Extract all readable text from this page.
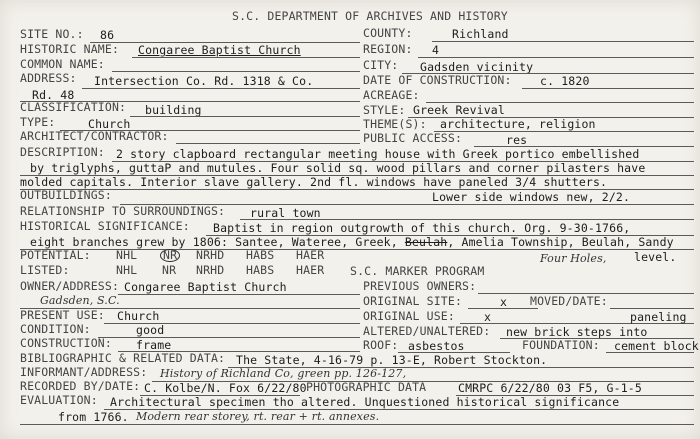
S.C. DEPARTMENT OF ARCHIVES AND HISTORY
COUNTY:	Richland
REGION: 4
CITY: Gadsden vicinity
DATE OF CONSTRUCTION: c. 1820
ACREAGE:
STYLE: Greek Revival
THEME(S): architecture, religion
PUBLIC ACCESS:	res
SITE NO.: 86
HISTORIC NAME: Congaree Baptist Church
COMMON NAME:
ADDRESS: Intersection Co. Rd. 1318 & Co.
Rd. 48
CLASSIFICATION: building
TYPE:	Church
ARCHITECT/CONTRACTOR:
DESCRIPTION: 2 story clapboard rectangular meeting house with Greek portico embellished
by triglyphs, guttaP and mutules. Four solid sq. wood pillars and corner pilasters have
molded capitals. Interior slave gallery. 2nd fl. windows have paneled 3/4 shutters.
OUTBUILDINGS:	Lower side windows new, 2/2.
RELATIONSHIP TO SURROUNDINGS: rural town
HISTORICAL SIGNIFICANCE: Baptist in region outgrowth of this church. Org. 9-30-1766,
eight branches grew by 1806: Santee, Wateree, Greek, Beulah, Amelia Township, Beulah, Sandy
POTENTIAL: NHL NR NRHD HABS HAER	Four Holes, level.
LISTED:	NHL NR NRHD HABS HAER S.C. MARKER PROGRAM
OWNER/ADDRESS: Congaree Baptist Church
Gadsden, S.C.
PREVIOUS OWNERS:
ORIGINAL SITE:	x MOVED/DATE:
PRESENT USE: Church	ORIGINAL USE:	x	paneling
CONDITION:	good	ALTERED/UNALTERED: new brick steps into
CONSTRUCTION: frame	ROOF: asbestos	FOUNDATION: cement block
BIBLIOGRAPHIC & RELATED DATA: The State, 4-16-79 p. 13-E, Robert Stockton.
INFORMANT/ADDRESS: History of Richland Co, green pp. 126-127,
RECORDED BY/DATE: C. Kolbe/N. Fox 6/22/80 PHOTOGRAPHIC DATA	CMRPC 6/22/80 03 F5, G-1-5
EVALUATION: Architectural specimen tho altered. Unquestioned historical significance
from 1766. Modern rear storey, rt. rear + rt. annexes.
